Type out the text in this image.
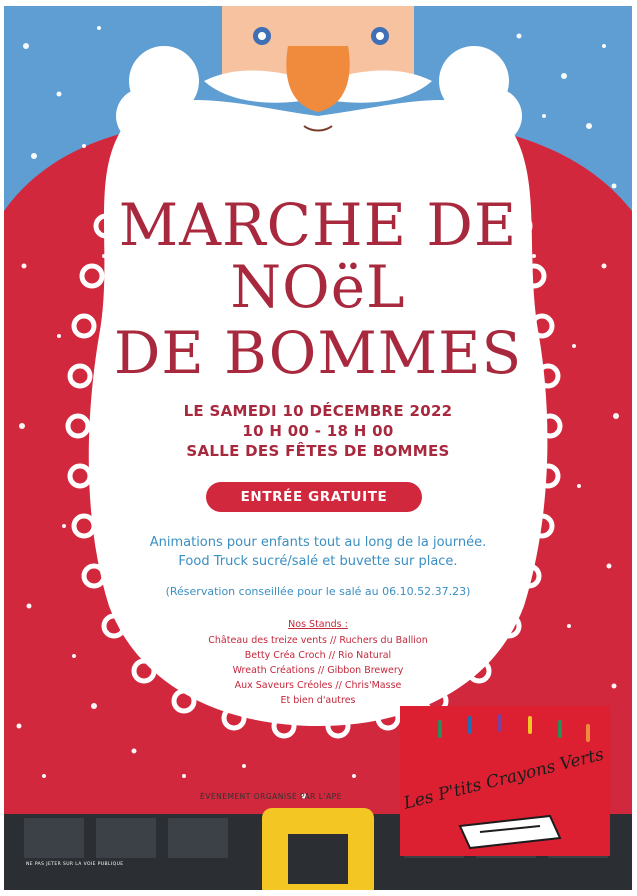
MARCHE DE
NOëL
DE BOMMES
LE SAMEDI 10 DÉCEMBRE 2022
10 H 00 - 18 H 00
SALLE DES FÊTES DE BOMMES
ENTRÉE GRATUITE
Animations pour enfants tout au long de la journée.
Food Truck sucré/salé et buvette sur place.
(Réservation conseillée pour le salé au 06.10.52.37.23)
Nos Stands :
Château des treize vents // Ruchers du Ballion
Betty Créa Croch // Rio Natural
Wreath Créations // Gibbon Brewery
Aux Saveurs Créoles // Chris'Masse
Et bien d'autres
ÉVÈNEMENT ORGANISÉ PAR L'APE	Les P'tits Crayons Verts
NE PAS JETER SUR LA VOIE PUBLIQUE
